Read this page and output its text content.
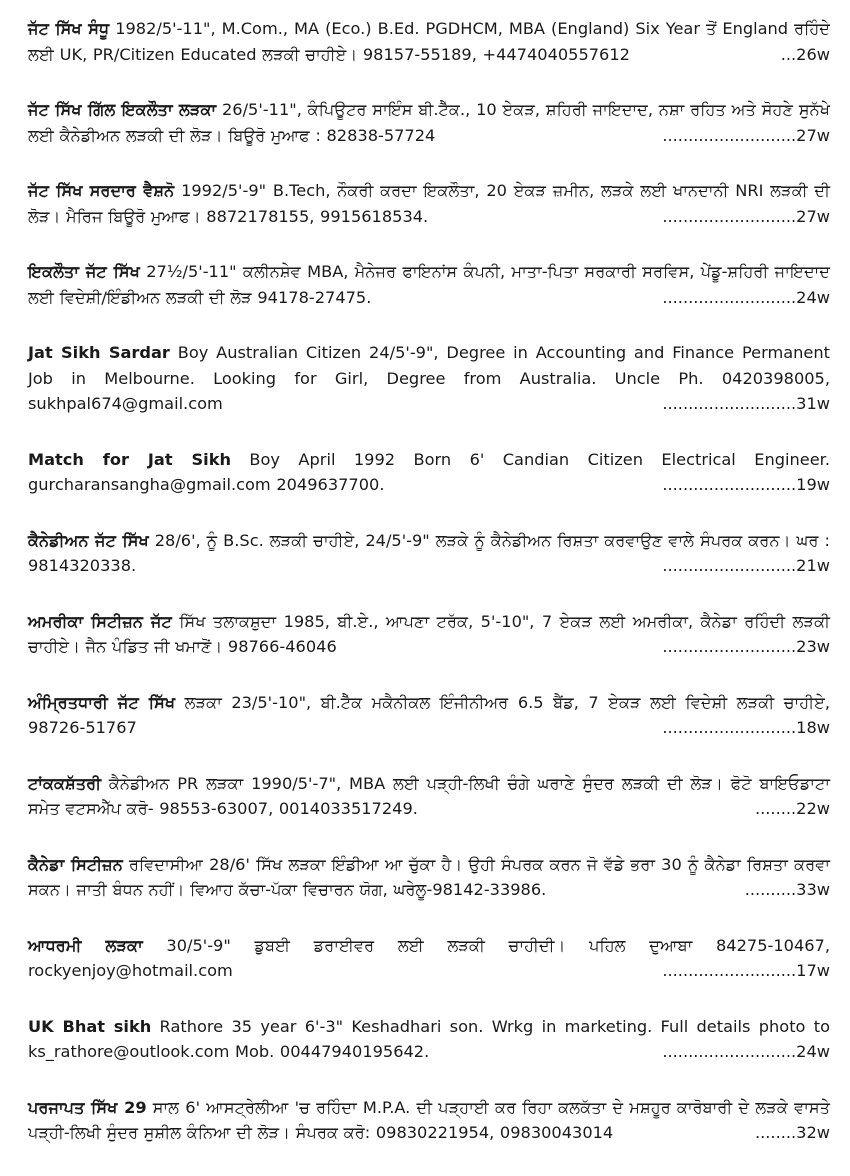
ਜੱਟ ਸਿੱਖ ਸੰਧੂ 1982/5'-11", M.Com., MA (Eco.) B.Ed. PGDHCM, MBA (England) Six Year ਤੋਂ England ਰਹਿੰਦੇ ਲਈ UK, PR/Citizen Educated ਲੜਕੀ ਚਾਹੀਏ। 98157-55189, +4474040557612	...26w

ਜੱਟ ਸਿੱਖ ਗਿੱਲ ਇਕਲੌਤਾ ਲੜਕਾ 26/5'-11", ਕੰਪਿਊਟਰ ਸਾਇੰਸ ਬੀ.ਟੈੱਕ., 10 ਏਕੜ, ਸ਼ਹਿਰੀ ਜਾਇਦਾਦ, ਨਸ਼ਾ ਰਹਿਤ ਅਤੇ ਸੋਹਣੇ ਸੁਨੱਖੇ ਲਈ ਕੈਨੇਡੀਅਨ ਲੜਕੀ ਦੀ ਲੋੜ। ਬਿਊਰੋ ਮੁਆਫ : 82838-57724	..........................27w

ਜੱਟ ਸਿੱਖ ਸਰਦਾਰ ਵੈਸ਼ਨੋ 1992/5'-9" B.Tech, ਨੌਕਰੀ ਕਰਦਾ ਇਕਲੌਤਾ, 20 ਏਕੜ ਜ਼ਮੀਨ, ਲੜਕੇ ਲਈ ਖਾਨਦਾਨੀ NRI ਲੜਕੀ ਦੀ ਲੋੜ। ਮੈਰਿਜ ਬਿਊਰੋ ਮੁਆਫ। 8872178155, 9915618534.	..........................27w

ਇਕਲੌਤਾ ਜੱਟ ਸਿੱਖ 27½/5'-11" ਕਲੀਨਸ਼ੇਵ MBA, ਮੈਨੇਜਰ ਫਾਇਨਾਂਸ ਕੰਪਨੀ, ਮਾਤਾ-ਪਿਤਾ ਸਰਕਾਰੀ ਸਰਵਿਸ, ਪੇਂਡੂ-ਸ਼ਹਿਰੀ ਜਾਇਦਾਦ ਲਈ ਵਿਦੇਸ਼ੀ/ਇੰਡੀਅਨ ਲੜਕੀ ਦੀ ਲੋੜ 94178-27475.	..........................24w

Jat Sikh Sardar Boy Australian Citizen 24/5'-9", Degree in Accounting and Finance Permanent Job in Melbourne. Looking for Girl, Degree from Australia. Uncle Ph. 0420398005, sukhpal674@gmail.com	..........................31w

Match for Jat Sikh Boy April 1992 Born 6' Candian Citizen Electrical Engineer. gurcharansangha@gmail.com 2049637700.	..........................19w

ਕੈਨੇਡੀਅਨ ਜੱਟ ਸਿੱਖ 28/6', ਨੂੰ B.Sc. ਲੜਕੀ ਚਾਹੀਏ, 24/5'-9" ਲੜਕੇ ਨੂੰ ਕੈਨੇਡੀਅਨ ਰਿਸ਼ਤਾ ਕਰਵਾਉਣ ਵਾਲੇ ਸੰਪਰਕ ਕਰਨ। ਘਰ : 9814320338.	..........................21w

ਅਮਰੀਕਾ ਸਿਟੀਜ਼ਨ ਜੱਟ ਸਿੱਖ ਤਲਾਕਸ਼ੁਦਾ 1985, ਬੀ.ਏ., ਆਪਣਾ ਟਰੱਕ, 5'-10", 7 ਏਕੜ ਲਈ ਅਮਰੀਕਾ, ਕੈਨੇਡਾ ਰਹਿੰਦੀ ਲੜਕੀ ਚਾਹੀਏ। ਜੈਨ ਪੰਡਿਤ ਜੀ ਖਮਾਣੋਂ। 98766-46046	..........................23w

ਅੰਮ੍ਰਿਤਧਾਰੀ ਜੱਟ ਸਿੱਖ ਲੜਕਾ 23/5'-10", ਬੀ.ਟੈੱਕ ਮਕੈਨੀਕਲ ਇੰਜੀਨੀਅਰ 6.5 ਬੈਂਡ, 7 ਏਕੜ ਲਈ ਵਿਦੇਸ਼ੀ ਲੜਕੀ ਚਾਹੀਏ, 98726-51767	..........................18w

ਟਾਂਕਕਸ਼ੱਤਰੀ ਕੈਨੇਡੀਅਨ PR ਲੜਕਾ 1990/5'-7", MBA ਲਈ ਪੜ੍ਹੀ-ਲਿਖੀ ਚੰਗੇ ਘਰਾਣੇ ਸੁੰਦਰ ਲੜਕੀ ਦੀ ਲੋੜ। ਫੋਟੋ ਬਾਇਓਡਾਟਾ ਸਮੇਤ ਵਟਸਐੱਪ ਕਰੋ- 98553-63007, 0014033517249.	........22w

ਕੈਨੇਡਾ ਸਿਟੀਜ਼ਨ ਰਵਿਦਾਸੀਆ 28/6' ਸਿੱਖ ਲੜਕਾ ਇੰਡੀਆ ਆ ਚੁੱਕਾ ਹੈ। ਉਹੀ ਸੰਪਰਕ ਕਰਨ ਜੋ ਵੱਡੇ ਭਰਾ 30 ਨੂੰ ਕੈਨੇਡਾ ਰਿਸ਼ਤਾ ਕਰਵਾ ਸਕਨ। ਜਾਤੀ ਬੰਧਨ ਨਹੀਂ। ਵਿਆਹ ਕੱਚਾ-ਪੱਕਾ ਵਿਚਾਰਨ ਯੋਗ, ਘਰੇਲੂ-98142-33986.	..........33w

ਆਧਰਮੀ ਲੜਕਾ 30/5'-9" ਡੁਬਈ ਡਰਾਈਵਰ ਲਈ ਲੜਕੀ ਚਾਹੀਦੀ। ਪਹਿਲ ਦੁਆਬਾ 84275-10467, rockyenjoy@hotmail.com	..........................17w

UK Bhat sikh Rathore 35 year 6'-3" Keshadhari son. Wrkg in marketing. Full details photo to ks_rathore@outlook.com Mob. 00447940195642.	..........................24w

ਪਰਜਾਪਤ ਸਿੱਖ 29 ਸਾਲ 6' ਆਸਟ੍ਰੇਲੀਆ 'ਚ ਰਹਿੰਦਾ M.P.A. ਦੀ ਪੜ੍ਹਾਈ ਕਰ ਰਿਹਾ ਕਲਕੱਤਾ ਦੇ ਮਸ਼ਹੂਰ ਕਾਰੋਬਾਰੀ ਦੇ ਲੜਕੇ ਵਾਸਤੇ ਪੜ੍ਹੀ-ਲਿਖੀ ਸੁੰਦਰ ਸੁਸ਼ੀਲ ਕੰਨਿਆ ਦੀ ਲੋੜ। ਸੰਪਰਕ ਕਰੋ: 09830221954, 09830043014	........32w
